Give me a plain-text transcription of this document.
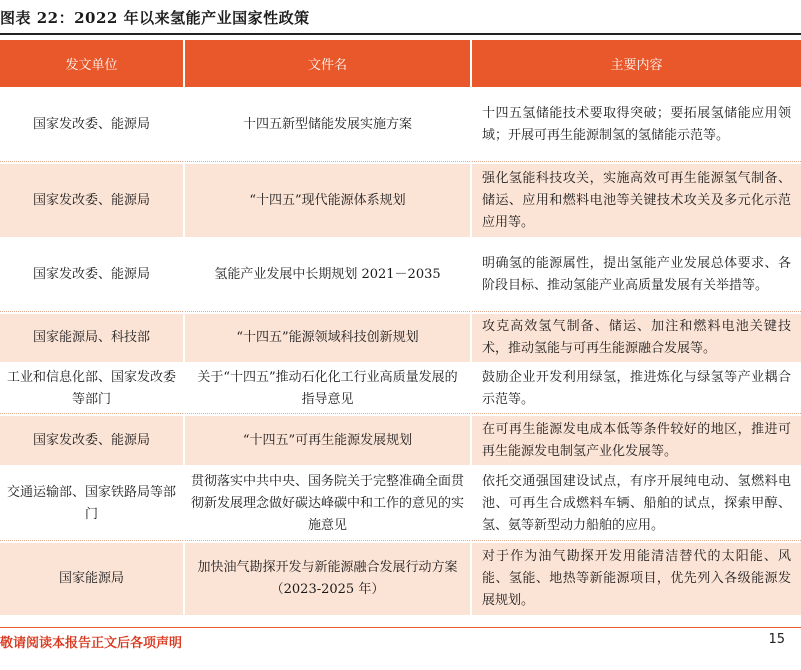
图表 22：2022 年以来氢能产业国家性政策
发文单位	文件名	主要内容
国家发改委、能源局	十四五新型储能发展实施方案	十四五氢储能技术要取得突破；要拓展氢储能应用领域；开展可再生能源制氢的氢储能示范等。
国家发改委、能源局	“十四五”现代能源体系规划	强化氢能科技攻关，实施高效可再生能源氢气制备、储运、应用和燃料电池等关键技术攻关及多元化示范应用等。
国家发改委、能源局	氢能产业发展中长期规划 2021－2035	明确氢的能源属性，提出氢能产业发展总体要求、各阶段目标、推动氢能产业高质量发展有关举措等。
国家能源局、科技部	“十四五”能源领域科技创新规划	攻克高效氢气制备、储运、加注和燃料电池关键技术，推动氢能与可再生能源融合发展等。
工业和信息化部、国家发改委等部门	关于“十四五”推动石化化工行业高质量发展的指导意见	鼓励企业开发利用绿氢，推进炼化与绿氢等产业耦合示范等。
国家发改委、能源局	“十四五”可再生能源发展规划	在可再生能源发电成本低等条件较好的地区，推进可再生能源发电制氢产业化发展等。
交通运输部、国家铁路局等部门	贯彻落实中共中央、国务院关于完整准确全面贯彻新发展理念做好碳达峰碳中和工作的意见的实施意见	依托交通强国建设试点，有序开展纯电动、氢燃料电池、可再生合成燃料车辆、船舶的试点，探索甲醇、氢、氨等新型动力船舶的应用。
国家能源局	加快油气勘探开发与新能源融合发展行动方案（2023-2025 年）	对于作为油气勘探开发用能清洁替代的太阳能、风能、氢能、地热等新能源项目，优先列入各级能源发展规划。
敬请阅读本报告正文后各项声明	15
